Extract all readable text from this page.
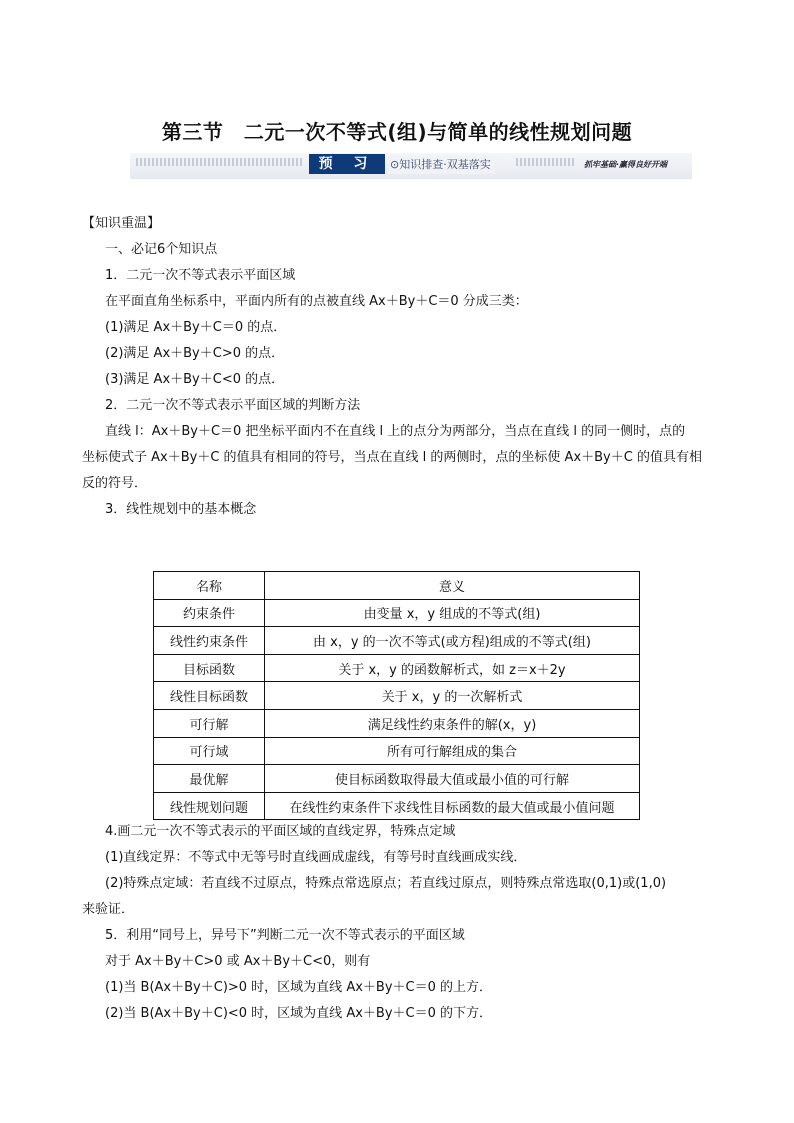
第三节　二元一次不等式(组)与简单的线性规划问题
预 习	⊙知识排查·双基落实	抓牢基础·赢得良好开端

【知识重温】

一、必记6个知识点

1．二元一次不等式表示平面区域

在平面直角坐标系中，平面内所有的点被直线 Ax＋By＋C＝0 分成三类：

(1)满足 Ax＋By＋C＝0 的点．

(2)满足 Ax＋By＋C>0 的点．

(3)满足 Ax＋By＋C<0 的点．

2．二元一次不等式表示平面区域的判断方法

直线 l：Ax＋By＋C＝0 把坐标平面内不在直线 l 上的点分为两部分，当点在直线 l 的同一侧时，点的

坐标使式子 Ax＋By＋C 的值具有相同的符号，当点在直线 l 的两侧时，点的坐标使 Ax＋By＋C 的值具有相

反的符号．

3．线性规划中的基本概念

名称	意义
约束条件	由变量 x，y 组成的不等式(组)
线性约束条件	由 x，y 的一次不等式(或方程)组成的不等式(组)
目标函数	关于 x，y 的函数解析式，如 z＝x＋2y
线性目标函数	关于 x，y 的一次解析式
可行解	满足线性约束条件的解(x，y)
可行域	所有可行解组成的集合
最优解	使目标函数取得最大值或最小值的可行解
线性规划问题	在线性约束条件下求线性目标函数的最大值或最小值问题

4.画二元一次不等式表示的平面区域的直线定界，特殊点定域

(1)直线定界：不等式中无等号时直线画成虚线，有等号时直线画成实线．

(2)特殊点定域：若直线不过原点，特殊点常选原点；若直线过原点，则特殊点常选取(0,1)或(1,0)

来验证．

5．利用“同号上，异号下”判断二元一次不等式表示的平面区域

对于 Ax＋By＋C>0 或 Ax＋By＋C<0，则有

(1)当 B(Ax＋By＋C)>0 时，区域为直线 Ax＋By＋C＝0 的上方．

(2)当 B(Ax＋By＋C)<0 时，区域为直线 Ax＋By＋C＝0 的下方．
